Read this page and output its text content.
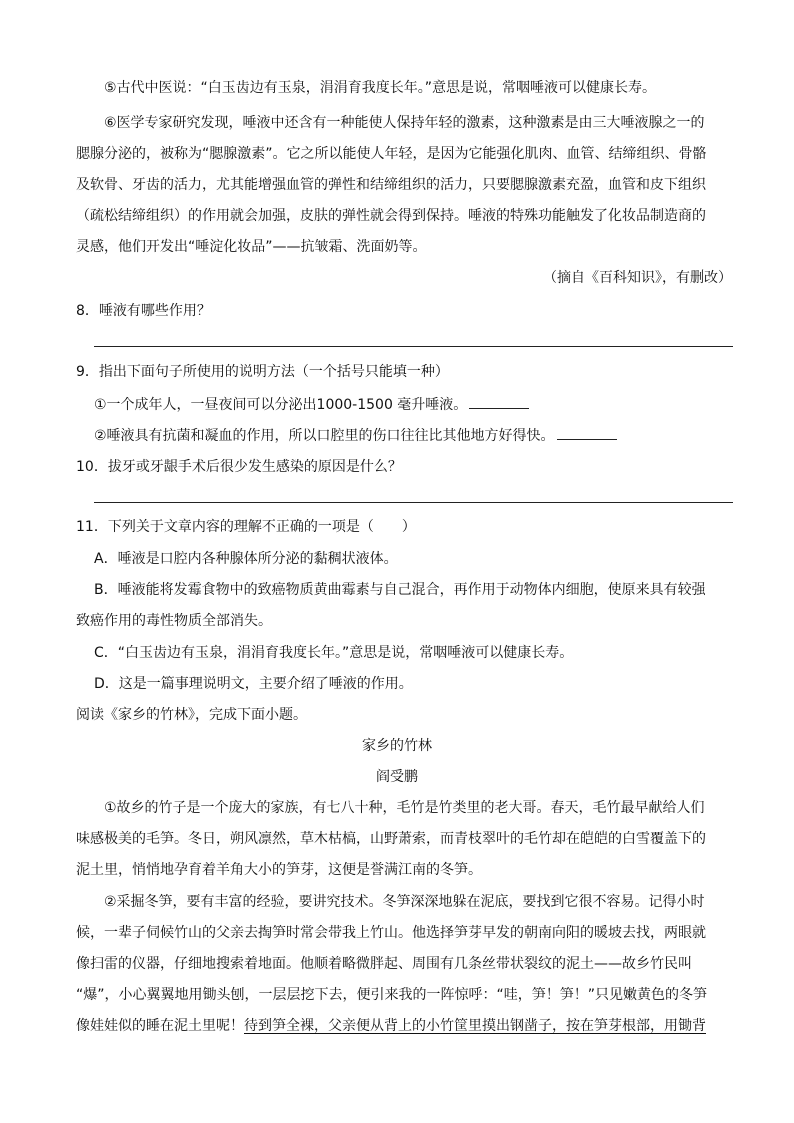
⑤古代中医说：“白玉齿边有玉泉，涓涓育我度长年。”意思是说，常咽唾液可以健康长寿。
⑥医学专家研究发现，唾液中还含有一种能使人保持年轻的激素，这种激素是由三大唾液腺之一的
腮腺分泌的，被称为“腮腺激素”。它之所以能使人年轻，是因为它能强化肌肉、血管、结缔组织、骨骼
及软骨、牙齿的活力，尤其能增强血管的弹性和结缔组织的活力，只要腮腺激素充盈，血管和皮下组织
（疏松结缔组织）的作用就会加强，皮肤的弹性就会得到保持。唾液的特殊功能触发了化妆品制造商的
灵感，他们开发出“唾淀化妆品”——抗皱霜、洗面奶等。
（摘自《百科知识》，有删改）
8．唾液有哪些作用？
9．指出下面句子所使用的说明方法（一个括号只能填一种）
①一个成年人，一昼夜间可以分泌出1000-1500 毫升唾液。
②唾液具有抗菌和凝血的作用，所以口腔里的伤口往往比其他地方好得快。
10．拔牙或牙龈手术后很少发生感染的原因是什么？
11．下列关于文章内容的理解不正确的一项是（　　）
A．唾液是口腔内各种腺体所分泌的黏稠状液体。
B．唾液能将发霉食物中的致癌物质黄曲霉素与自己混合，再作用于动物体内细胞，使原来具有较强
致癌作用的毒性物质全部消失。
C．“白玉齿边有玉泉，涓涓育我度长年。”意思是说，常咽唾液可以健康长寿。
D．这是一篇事理说明文，主要介绍了唾液的作用。
阅读《家乡的竹林》，完成下面小题。
家乡的竹林
阎受鹏
①故乡的竹子是一个庞大的家族，有七八十种，毛竹是竹类里的老大哥。春天，毛竹最早献给人们
味感极美的毛笋。冬日，朔风凛然，草木枯槁，山野萧索，而青枝翠叶的毛竹却在皑皑的白雪覆盖下的
泥土里，悄悄地孕育着羊角大小的笋芽，这便是誉满江南的冬笋。
②采掘冬笋，要有丰富的经验，要讲究技术。冬笋深深地躲在泥底，要找到它很不容易。记得小时
候，一辈子伺候竹山的父亲去掏笋时常会带我上竹山。他选择笋芽早发的朝南向阳的暖坡去找，两眼就
像扫雷的仪器，仔细地搜索着地面。他顺着略微胖起、周围有几条丝带状裂纹的泥土——故乡竹民叫
“爆”，小心翼翼地用锄头刨，一层层挖下去，便引来我的一阵惊呼：“哇，笋！笋！”只见嫩黄色的冬笋
像娃娃似的睡在泥土里呢！待到笋全裸，父亲便从背上的小竹筐里摸出钢凿子，按在笋芽根部，用锄背
